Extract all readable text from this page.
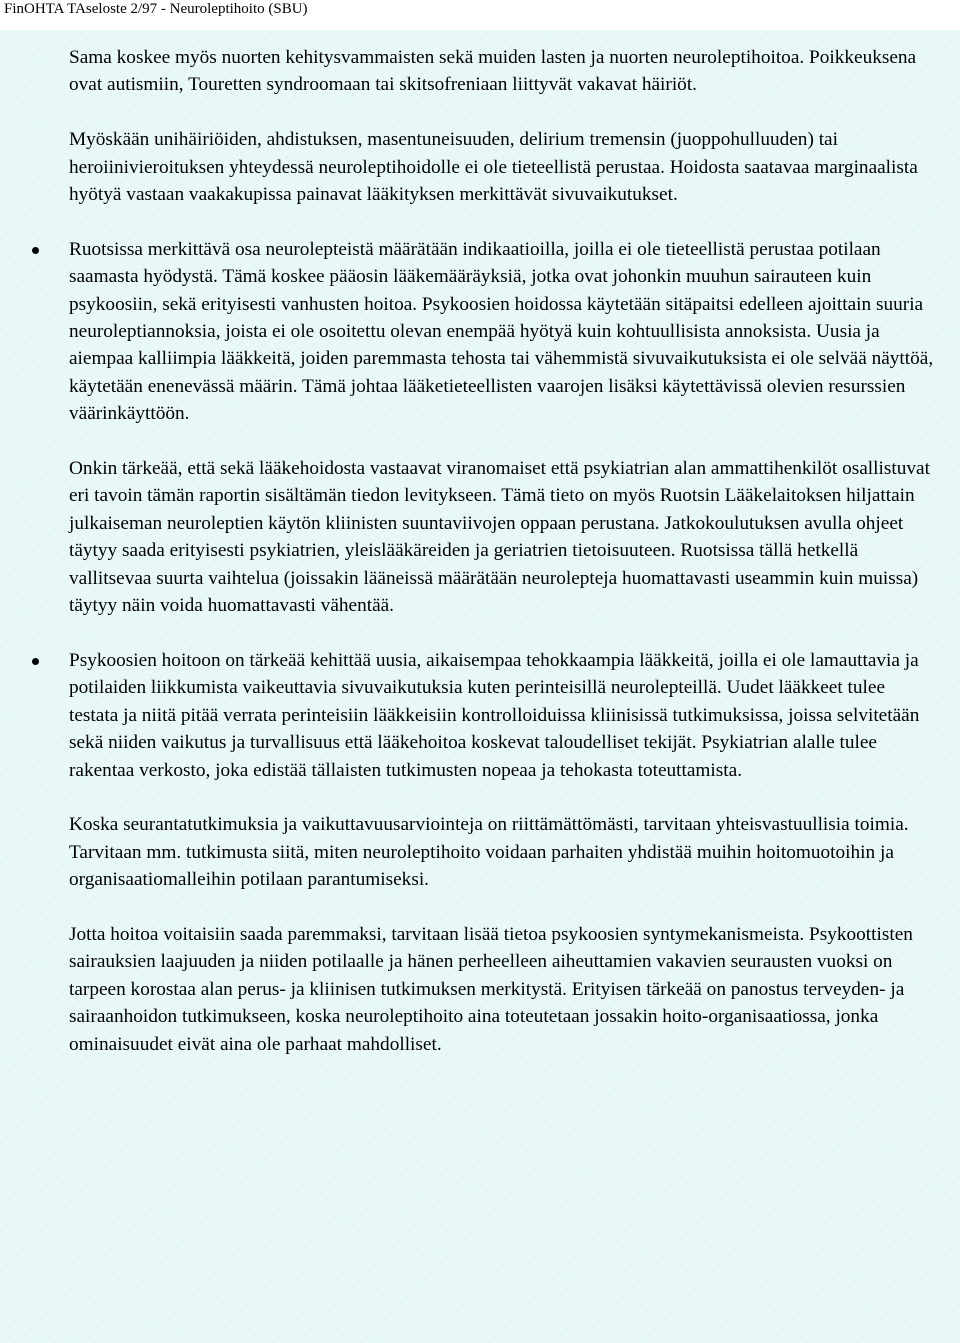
FinOHTA TAseloste 2/97 - Neuroleptihoito (SBU)

Sama koskee myös nuorten kehitysvammaisten sekä muiden lasten ja nuorten neuroleptihoitoa. Poikkeuksena ovat autismiin, Touretten syndroomaan tai skitsofreniaan liittyvät vakavat häiriöt.

Myöskään unihäiriöiden, ahdistuksen, masentuneisuuden, delirium tremensin (juoppohulluuden) tai heroiinivieroituksen yhteydessä neuroleptihoidolle ei ole tieteellistä perustaa. Hoidosta saatavaa marginaalista hyötyä vastaan vaakakupissa painavat lääkityksen merkittävät sivuvaikutukset.

Ruotsissa merkittävä osa neurolepteistä määrätään indikaatioilla, joilla ei ole tieteellistä perustaa potilaan saamasta hyödystä. Tämä koskee pääosin lääkemääräyksiä, jotka ovat johonkin muuhun sairauteen kuin psykoosiin, sekä erityisesti vanhusten hoitoa. Psykoosien hoidossa käytetään sitäpaitsi edelleen ajoittain suuria neuroleptiannoksia, joista ei ole osoitettu olevan enempää hyötyä kuin kohtuullisista annoksista. Uusia ja aiempaa kalliimpia lääkkeitä, joiden paremmasta tehosta tai vähemmistä sivuvaikutuksista ei ole selvää näyttöä, käytetään enenevässä määrin. Tämä johtaa lääketieteellisten vaarojen lisäksi käytettävissä olevien resurssien väärinkäyttöön.

Onkin tärkeää, että sekä lääkehoidosta vastaavat viranomaiset että psykiatrian alan ammattihenkilöt osallistuvat eri tavoin tämän raportin sisältämän tiedon levitykseen. Tämä tieto on myös Ruotsin Lääkelaitoksen hiljattain julkaiseman neuroleptien käytön kliinisten suuntaviivojen oppaan perustana. Jatkokoulutuksen avulla ohjeet täytyy saada erityisesti psykiatrien, yleislääkäreiden ja geriatrien tietoisuuteen. Ruotsissa tällä hetkellä vallitsevaa suurta vaihtelua (joissakin lääneissä määrätään neurolepteja huomattavasti useammin kuin muissa) täytyy näin voida huomattavasti vähentää.

Psykoosien hoitoon on tärkeää kehittää uusia, aikaisempaa tehokkaampia lääkkeitä, joilla ei ole lamauttavia ja potilaiden liikkumista vaikeuttavia sivuvaikutuksia kuten perinteisillä neurolepteillä. Uudet lääkkeet tulee testata ja niitä pitää verrata perinteisiin lääkkeisiin kontrolloiduissa kliinisissä tutkimuksissa, joissa selvitetään sekä niiden vaikutus ja turvallisuus että lääkehoitoa koskevat taloudelliset tekijät. Psykiatrian alalle tulee rakentaa verkosto, joka edistää tällaisten tutkimusten nopeaa ja tehokasta toteuttamista.

Koska seurantatutkimuksia ja vaikuttavuusarviointeja on riittämättömästi, tarvitaan yhteisvastuullisia toimia. Tarvitaan mm. tutkimusta siitä, miten neuroleptihoito voidaan parhaiten yhdistää muihin hoitomuotoihin ja organisaatiomalleihin potilaan parantumiseksi.

Jotta hoitoa voitaisiin saada paremmaksi, tarvitaan lisää tietoa psykoosien syntymekanismeista. Psykoottisten sairauksien laajuuden ja niiden potilaalle ja hänen perheelleen aiheuttamien vakavien seurausten vuoksi on tarpeen korostaa alan perus- ja kliinisen tutkimuksen merkitystä. Erityisen tärkeää on panostus terveyden- ja sairaanhoidon tutkimukseen, koska neuroleptihoito aina toteutetaan jossakin hoito-organisaatiossa, jonka ominaisuudet eivät aina ole parhaat mahdolliset.
